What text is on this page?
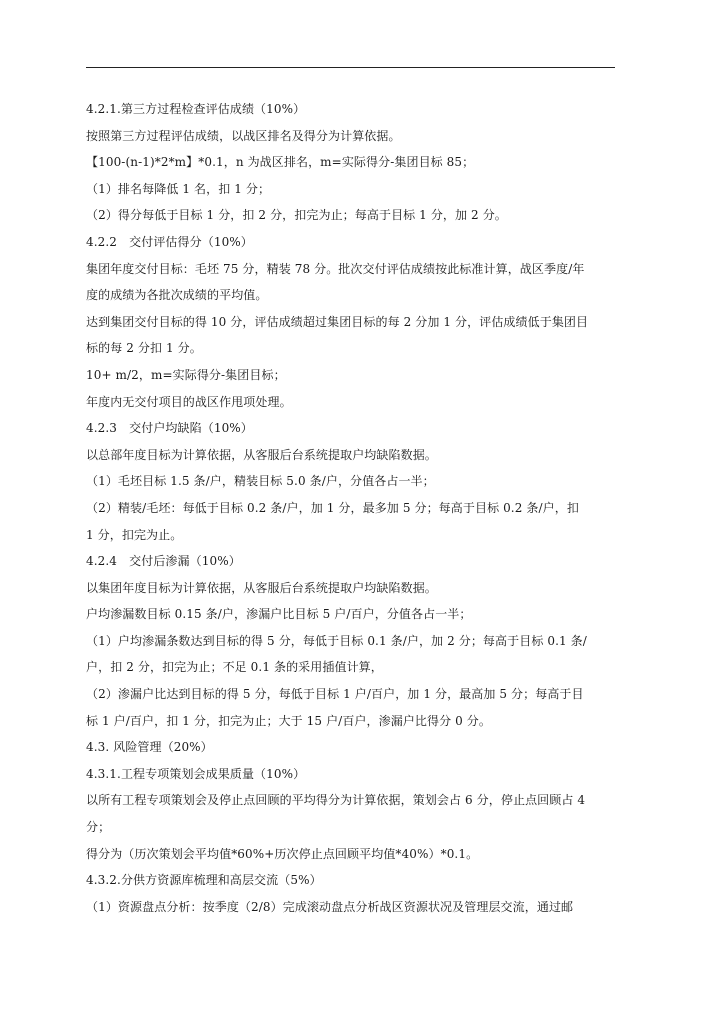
4.2.1.第三方过程检查评估成绩（10%）
按照第三方过程评估成绩，以战区排名及得分为计算依据。
【100-(n-1)*2*m】*0.1，n 为战区排名，m=实际得分-集团目标 85；
（1）排名每降低 1 名，扣 1 分；
（2）得分每低于目标 1 分，扣 2 分，扣完为止；每高于目标 1 分，加 2 分。
4.2.2　交付评估得分（10%）
集团年度交付目标：毛坯 75 分，精装 78 分。批次交付评估成绩按此标准计算，战区季度/年
度的成绩为各批次成绩的平均值。
达到集团交付目标的得 10 分，评估成绩超过集团目标的每 2 分加 1 分，评估成绩低于集团目
标的每 2 分扣 1 分。
10+ m/2，m=实际得分-集团目标；
年度内无交付项目的战区作甩项处理。
4.2.3　交付户均缺陷（10%）
以总部年度目标为计算依据，从客服后台系统提取户均缺陷数据。
（1）毛坯目标 1.5 条/户，精装目标 5.0 条/户，分值各占一半；
（2）精装/毛坯：每低于目标 0.2 条/户，加 1 分，最多加 5 分；每高于目标 0.2 条/户，扣
1 分，扣完为止。
4.2.4　交付后渗漏（10%）
以集团年度目标为计算依据，从客服后台系统提取户均缺陷数据。
户均渗漏数目标 0.15 条/户，渗漏户比目标 5 户/百户，分值各占一半；
（1）户均渗漏条数达到目标的得 5 分，每低于目标 0.1 条/户，加 2 分；每高于目标 0.1 条/
户，扣 2 分，扣完为止；不足 0.1 条的采用插值计算，
（2）渗漏户比达到目标的得 5 分，每低于目标 1 户/百户，加 1 分，最高加 5 分；每高于目
标 1 户/百户，扣 1 分，扣完为止；大于 15 户/百户，渗漏户比得分 0 分。
4.3. 风险管理（20%）
4.3.1.工程专项策划会成果质量（10%）
以所有工程专项策划会及停止点回顾的平均得分为计算依据，策划会占 6 分，停止点回顾占 4
分；
得分为（历次策划会平均值*60%+历次停止点回顾平均值*40%）*0.1。
4.3.2.分供方资源库梳理和高层交流（5%）
（1）资源盘点分析：按季度（2/8）完成滚动盘点分析战区资源状况及管理层交流，通过邮
